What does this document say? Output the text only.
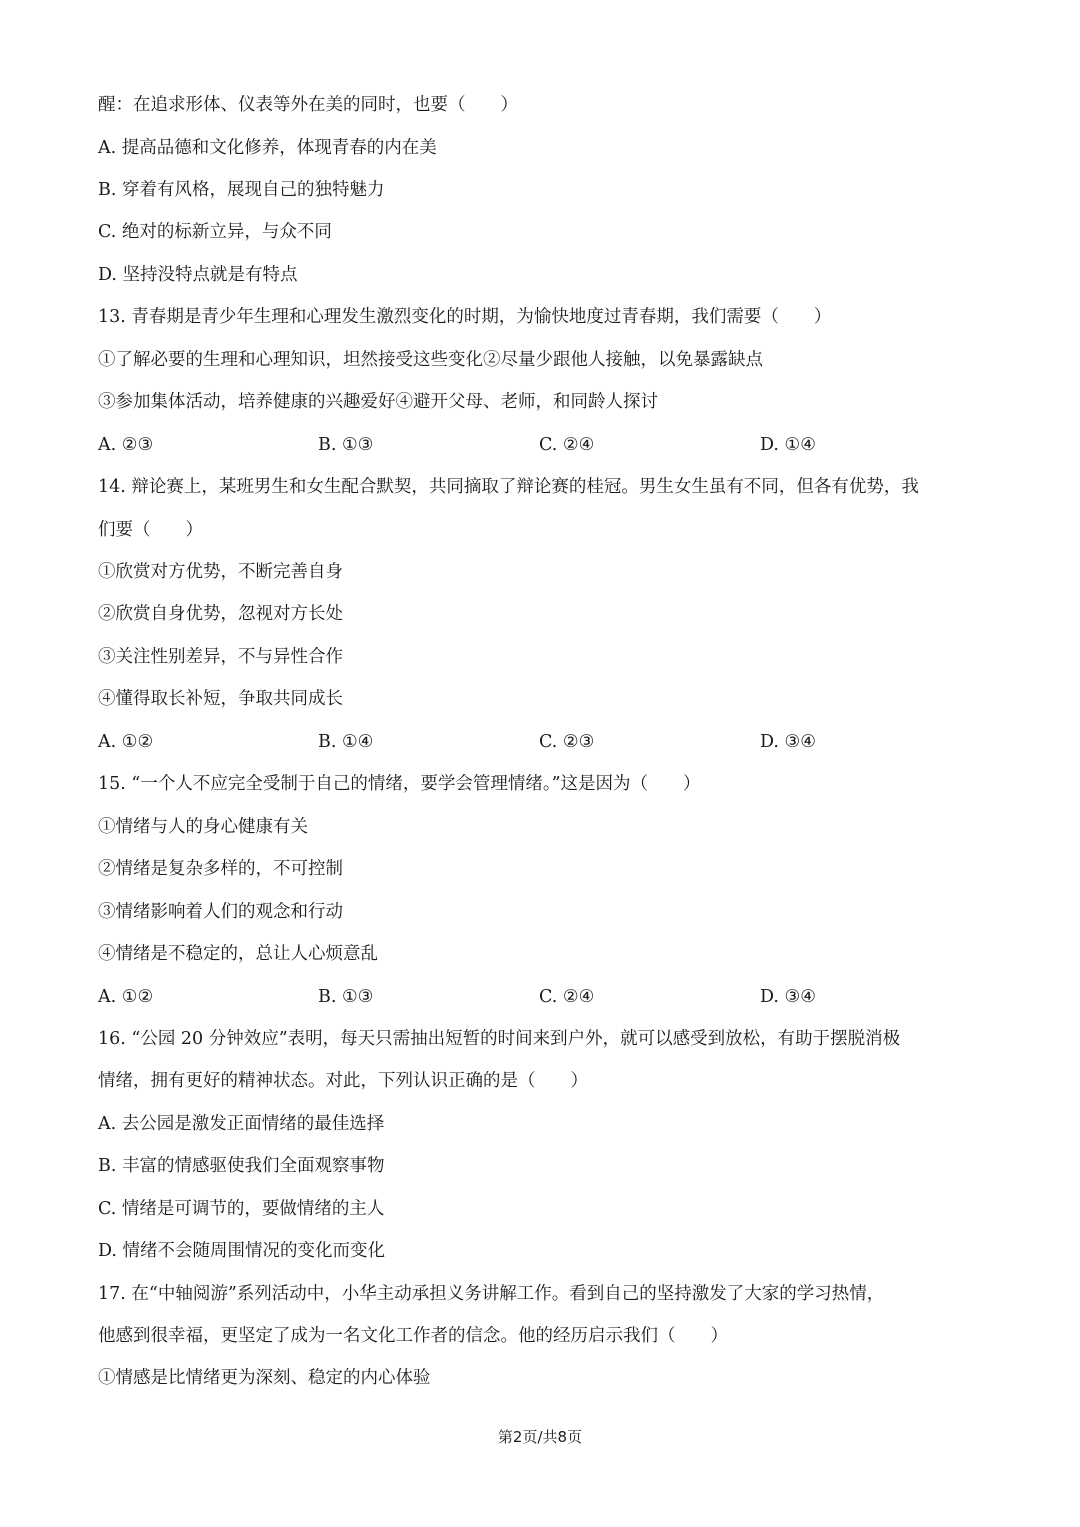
醒：在追求形体、仪表等外在美的同时，也要（　　）
A. 提高品德和文化修养，体现青春的内在美
B. 穿着有风格，展现自己的独特魅力
C. 绝对的标新立异，与众不同
D. 坚持没特点就是有特点
13. 青春期是青少年生理和心理发生激烈变化的时期，为愉快地度过青春期，我们需要（　　）
①了解必要的生理和心理知识，坦然接受这些变化②尽量少跟他人接触，以免暴露缺点
③参加集体活动，培养健康的兴趣爱好④避开父母、老师，和同龄人探讨
A. ②③	B. ①③	C. ②④	D. ①④
14. 辩论赛上，某班男生和女生配合默契，共同摘取了辩论赛的桂冠。男生女生虽有不同，但各有优势，我
们要（　　）
①欣赏对方优势，不断完善自身
②欣赏自身优势，忽视对方长处
③关注性别差异，不与异性合作
④懂得取长补短，争取共同成长
A. ①②	B. ①④	C. ②③	D. ③④
15. “一个人不应完全受制于自己的情绪，要学会管理情绪。”这是因为（　　）
①情绪与人的身心健康有关
②情绪是复杂多样的，不可控制
③情绪影响着人们的观念和行动
④情绪是不稳定的，总让人心烦意乱
A. ①②	B. ①③	C. ②④	D. ③④
16. “公园 20 分钟效应”表明，每天只需抽出短暂的时间来到户外，就可以感受到放松，有助于摆脱消极
情绪，拥有更好的精神状态。对此，下列认识正确的是（　　）
A. 去公园是激发正面情绪的最佳选择
B. 丰富的情感驱使我们全面观察事物
C. 情绪是可调节的，要做情绪的主人
D. 情绪不会随周围情况的变化而变化
17. 在“中轴阅游”系列活动中，小华主动承担义务讲解工作。看到自己的坚持激发了大家的学习热情，
他感到很幸福，更坚定了成为一名文化工作者的信念。他的经历启示我们（　　）
①情感是比情绪更为深刻、稳定的内心体验
第2页/共8页
